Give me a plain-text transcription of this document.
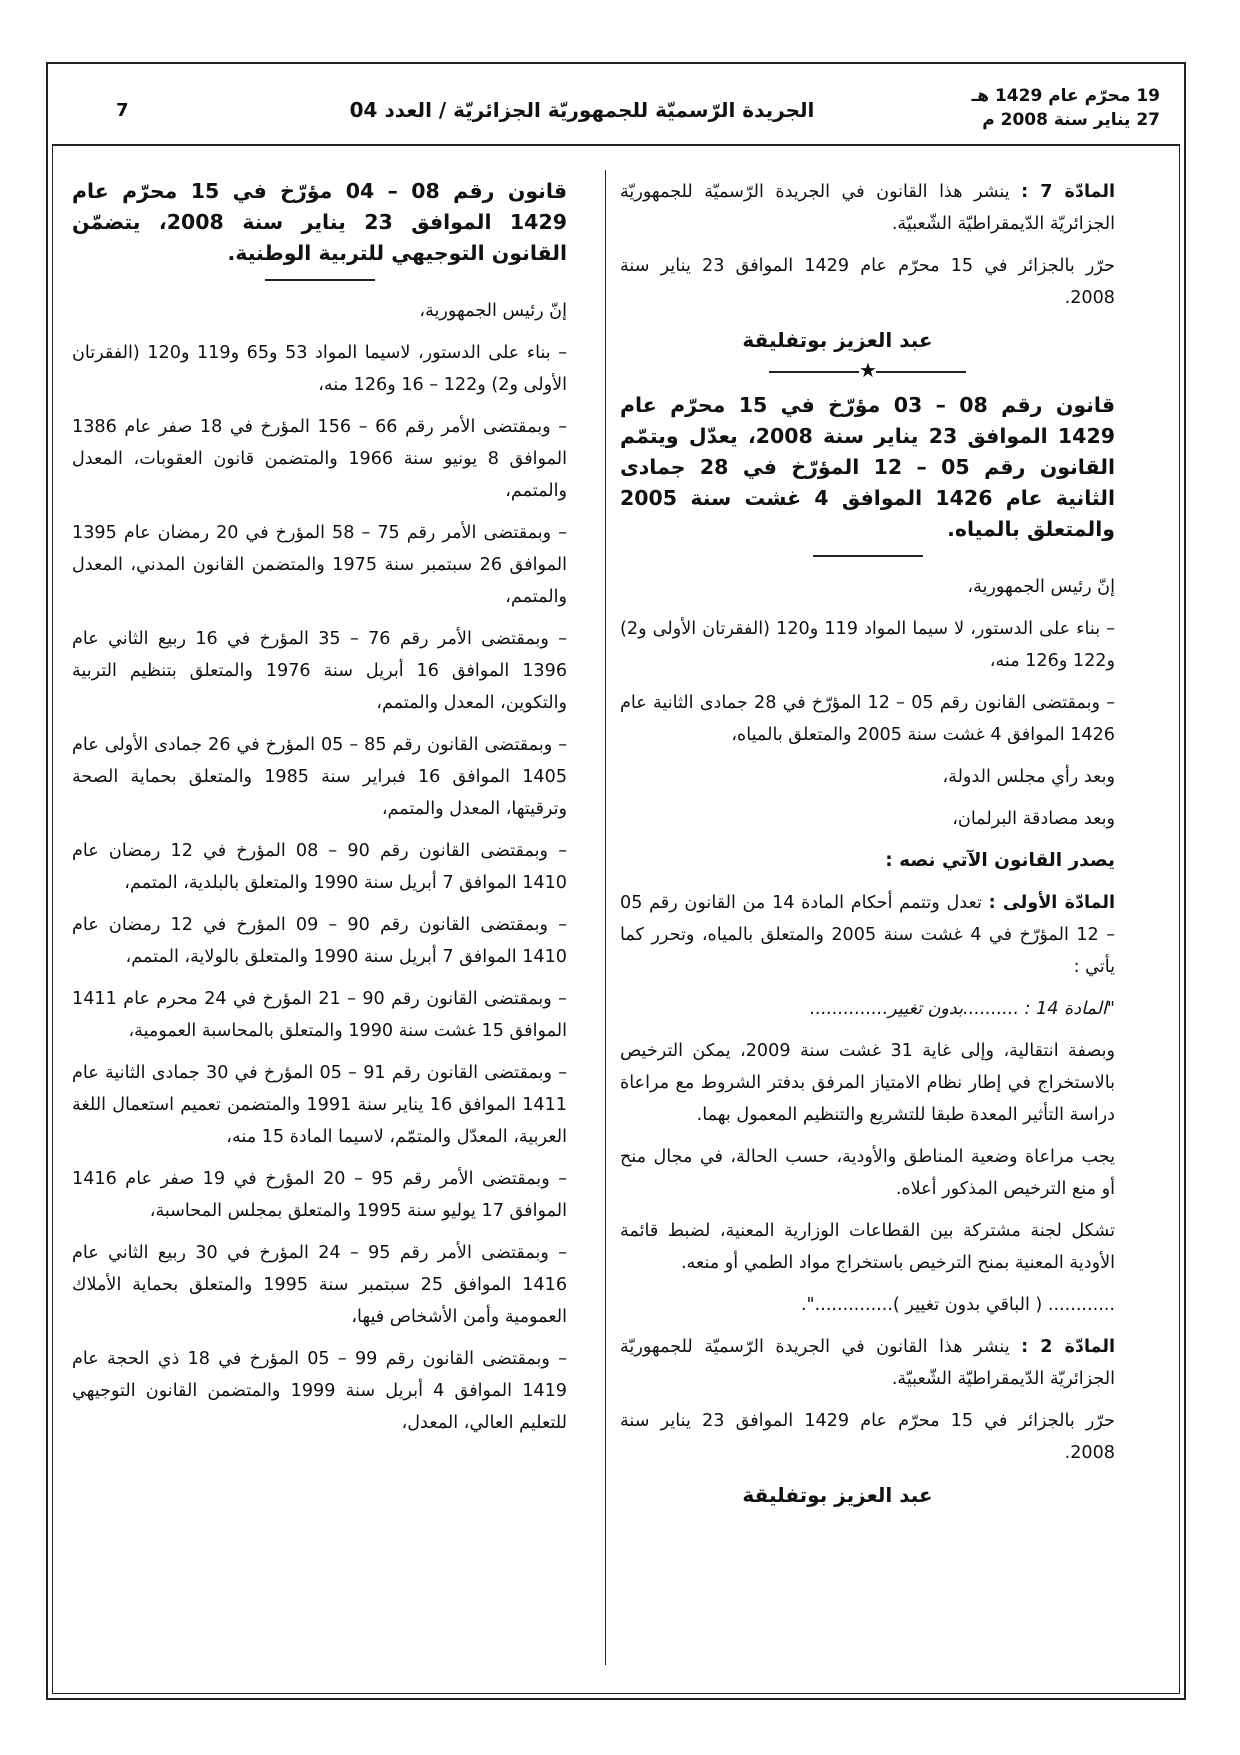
19 محرّم عام 1429 هـ
27 يناير سنة 2008 م
الجريدة الرّسميّة للجمهوريّة الجزائريّة / العدد 04
7

المادّة 7 : ينشر هذا القانون في الجريدة الرّسميّة للجمهوريّة الجزائريّة الدّيمقراطيّة الشّعبيّة.

حرّر بالجزائر في 15 محرّم عام 1429 الموافق 23 يناير سنة 2008.

عبد العزيز بوتفليقة
★

قانون رقم 08 – 03 مؤرّخ في 15 محرّم عام 1429 الموافق 23 يناير سنة 2008، يعدّل ويتمّم القانون رقم 05 – 12 المؤرّخ في 28 جمادى الثانية عام 1426 الموافق 4 غشت سنة 2005 والمتعلق بالمياه.

إنّ رئيس الجمهورية،

– بناء على الدستور، لا سيما المواد 119 و120 (الفقرتان الأولى و2) و122 و126 منه،

– وبمقتضى القانون رقم 05 – 12 المؤرّخ في 28 جمادى الثانية عام 1426 الموافق 4 غشت سنة 2005 والمتعلق بالمياه،

وبعد رأي مجلس الدولة،

وبعد مصادقة البرلمان،

يصدر القانون الآتي نصه :

المادّة الأولى : تعدل وتتمم أحكام المادة 14 من القانون رقم 05 – 12 المؤرّخ في 4 غشت سنة 2005 والمتعلق بالمياه، وتحرر كما يأتي :

"المادة 14 : ..........بدون تغيير..............

وبصفة انتقالية، وإلى غاية 31 غشت سنة 2009، يمكن الترخيص بالاستخراج في إطار نظام الامتياز المرفق بدفتر الشروط مع مراعاة دراسة التأثير المعدة طبقا للتشريع والتنظيم المعمول بهما.

يجب مراعاة وضعية المناطق والأودية، حسب الحالة، في مجال منح أو منع الترخيص المذكور أعلاه.

تشكل لجنة مشتركة بين القطاعات الوزارية المعنية، لضبط قائمة الأودية المعنية بمنح الترخيص باستخراج مواد الطمي أو منعه.

............ ( الباقي بدون تغيير )..............".

المادّة 2 : ينشر هذا القانون في الجريدة الرّسميّة للجمهوريّة الجزائريّة الدّيمقراطيّة الشّعبيّة.

حرّر بالجزائر في 15 محرّم عام 1429 الموافق 23 يناير سنة 2008.

عبد العزيز بوتفليقة

قانون رقم 08 – 04 مؤرّخ في 15 محرّم عام 1429 الموافق 23 يناير سنة 2008، يتضمّن القانون التوجيهي للتربية الوطنية.

إنّ رئيس الجمهورية،

– بناء على الدستور، لاسيما المواد 53 و65 و119 و120 (الفقرتان الأولى و2) و122 – 16 و126 منه،

– وبمقتضى الأمر رقم 66 – 156 المؤرخ في 18 صفر عام 1386 الموافق 8 يونيو سنة 1966 والمتضمن قانون العقوبات، المعدل والمتمم،

– وبمقتضى الأمر رقم 75 – 58 المؤرخ في 20 رمضان عام 1395 الموافق 26 سبتمبر سنة 1975 والمتضمن القانون المدني، المعدل والمتمم،

– وبمقتضى الأمر رقم 76 – 35 المؤرخ في 16 ربيع الثاني عام 1396 الموافق 16 أبريل سنة 1976 والمتعلق بتنظيم التربية والتكوين، المعدل والمتمم،

– وبمقتضى القانون رقم 85 – 05 المؤرخ في 26 جمادى الأولى عام 1405 الموافق 16 فبراير سنة 1985 والمتعلق بحماية الصحة وترقيتها، المعدل والمتمم،

– وبمقتضى القانون رقم 90 – 08 المؤرخ في 12 رمضان عام 1410 الموافق 7 أبريل سنة 1990 والمتعلق بالبلدية، المتمم،

– وبمقتضى القانون رقم 90 – 09 المؤرخ في 12 رمضان عام 1410 الموافق 7 أبريل سنة 1990 والمتعلق بالولاية، المتمم،

– وبمقتضى القانون رقم 90 – 21 المؤرخ في 24 محرم عام 1411 الموافق 15 غشت سنة 1990 والمتعلق بالمحاسبة العمومية،

– وبمقتضى القانون رقم 91 – 05 المؤرخ في 30 جمادى الثانية عام 1411 الموافق 16 يناير سنة 1991 والمتضمن تعميم استعمال اللغة العربية، المعدّل والمتمّم، لاسيما المادة 15 منه،

– وبمقتضى الأمر رقم 95 – 20 المؤرخ في 19 صفر عام 1416 الموافق 17 يوليو سنة 1995 والمتعلق بمجلس المحاسبة،

– وبمقتضى الأمر رقم 95 – 24 المؤرخ في 30 ربيع الثاني عام 1416 الموافق 25 سبتمبر سنة 1995 والمتعلق بحماية الأملاك العمومية وأمن الأشخاص فيها،

– وبمقتضى القانون رقم 99 – 05 المؤرخ في 18 ذي الحجة عام 1419 الموافق 4 أبريل سنة 1999 والمتضمن القانون التوجيهي للتعليم العالي، المعدل،
